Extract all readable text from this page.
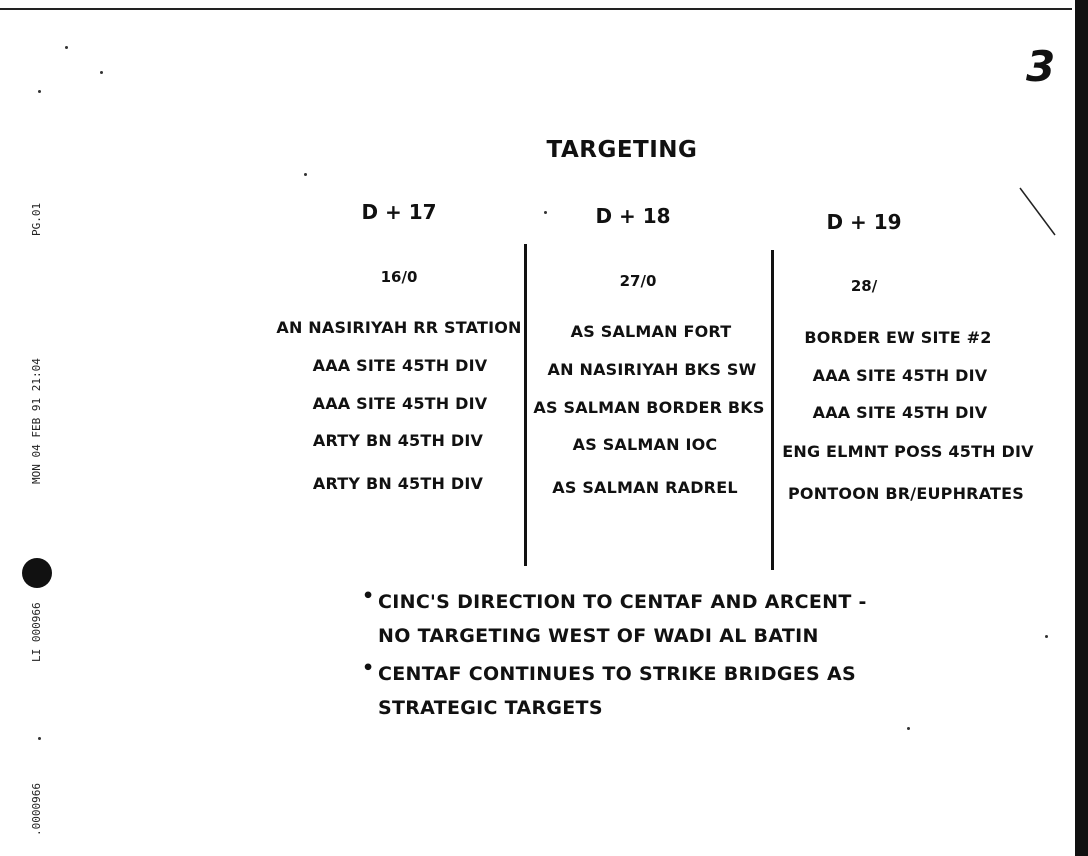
3
TARGETING
D + 17
16/0
AN NASIRIYAH RR STATION
AAA SITE 45TH DIV
AAA SITE 45TH DIV
ARTY BN 45TH DIV
ARTY BN 45TH DIV
D + 18
27/0
AS SALMAN FORT
AN NASIRIYAH BKS SW
AS SALMAN BORDER BKS
AS SALMAN IOC
AS SALMAN RADREL
D + 19
28/
BORDER EW SITE #2
AAA SITE 45TH DIV
AAA SITE 45TH DIV
ENG ELMNT POSS 45TH DIV
PONTOON BR/EUPHRATES
• CINC'S DIRECTION TO CENTAF AND ARCENT -
NO TARGETING WEST OF WADI AL BATIN
• CENTAF CONTINUES TO STRIKE BRIDGES AS
STRATEGIC TARGETS
PG.01
MON 04 FEB 91 21:04
LI 000966
.0000966
